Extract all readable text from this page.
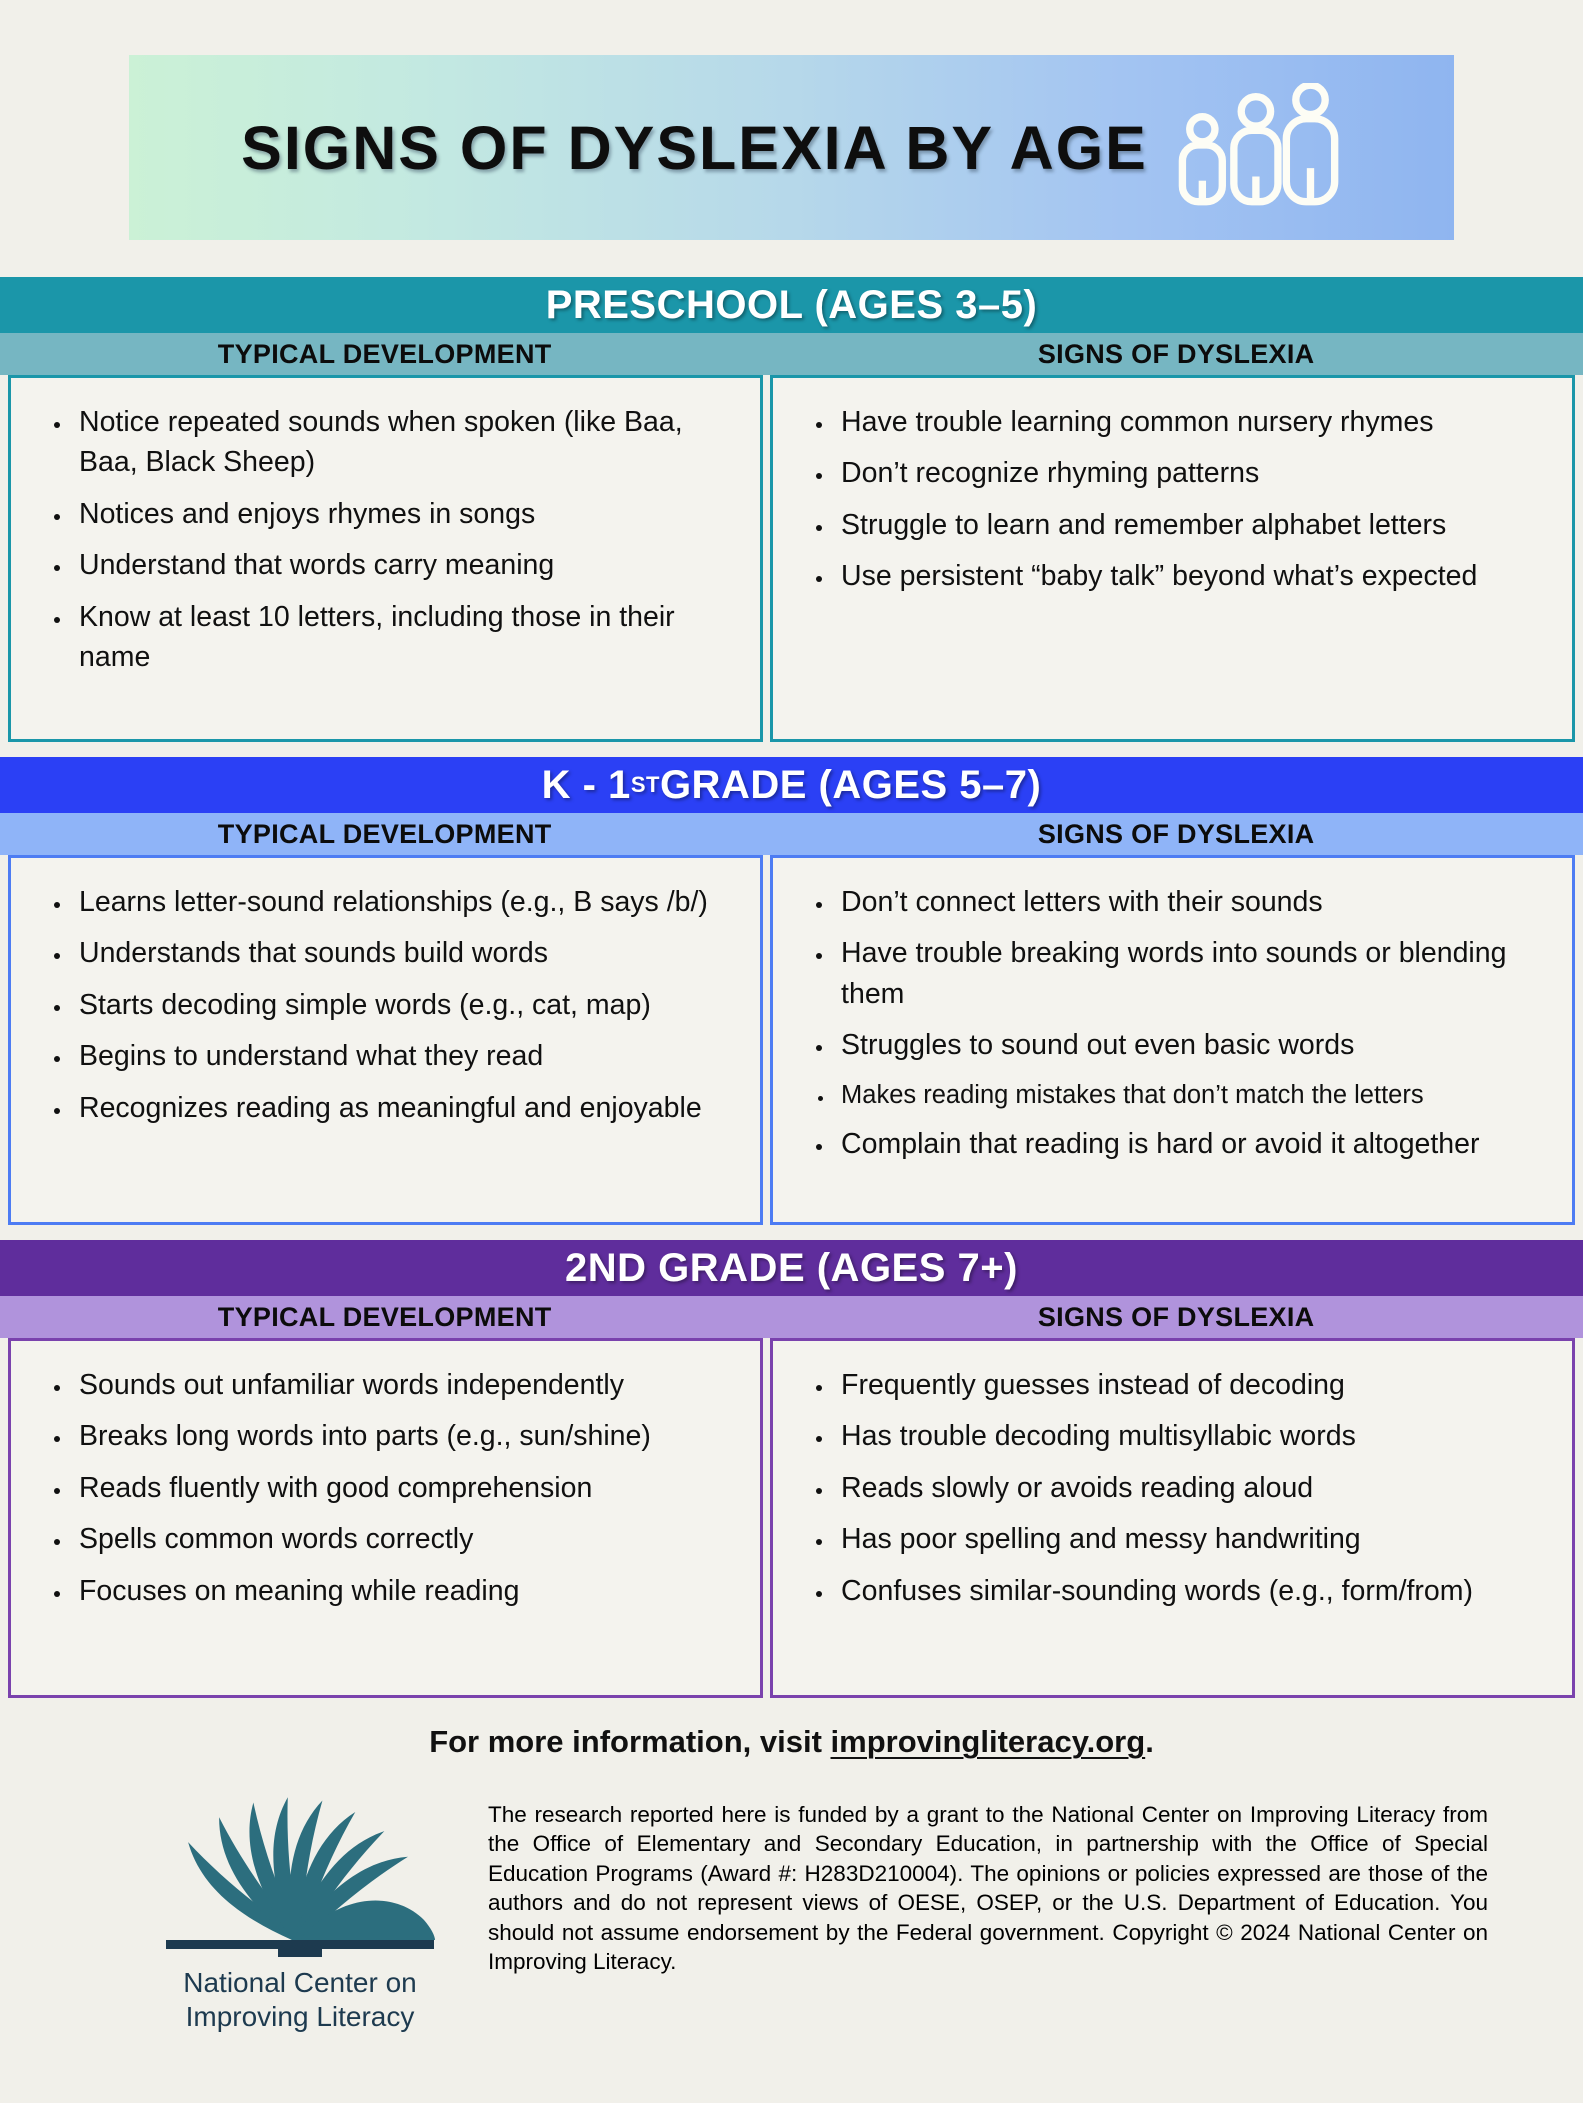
SIGNS OF DYSLEXIA BY AGE
PRESCHOOL (AGES 3–5)
TYPICAL DEVELOPMENT	SIGNS OF DYSLEXIA
• Notice repeated sounds when spoken (like Baa, Baa, Black Sheep)
• Notices and enjoys rhymes in songs
• Understand that words carry meaning
• Know at least 10 letters, including those in their name
• Have trouble learning common nursery rhymes
• Don’t recognize rhyming patterns
• Struggle to learn and remember alphabet letters
• Use persistent “baby talk” beyond what’s expected
K - 1 ST GRADE (AGES 5–7)
TYPICAL DEVELOPMENT	SIGNS OF DYSLEXIA
• Learns letter-sound relationships (e.g., B says /b/)
• Understands that sounds build words
• Starts decoding simple words (e.g., cat, map)
• Begins to understand what they read
• Recognizes reading as meaningful and enjoyable
• Don’t connect letters with their sounds
• Have trouble breaking words into sounds or blending them
• Struggles to sound out even basic words
• Makes reading mistakes that don’t match the letters
• Complain that reading is hard or avoid it altogether
2ND GRADE (AGES 7+)
TYPICAL DEVELOPMENT	SIGNS OF DYSLEXIA
• Sounds out unfamiliar words independently
• Breaks long words into parts (e.g., sun/shine)
• Reads fluently with good comprehension
• Spells common words correctly
• Focuses on meaning while reading
• Frequently guesses instead of decoding
• Has trouble decoding multisyllabic words
• Reads slowly or avoids reading aloud
• Has poor spelling and messy handwriting
• Confuses similar-sounding words (e.g., form/from)

For more information, visit improvingliteracy.org.

National Center on
Improving Literacy

The research reported here is funded by a grant to the National Center on Improving Literacy from the Office of Elementary and Secondary Education, in partnership with the Office of Special Education Programs (Award #: H283D210004). The opinions or policies expressed are those of the authors and do not represent views of OESE, OSEP, or the U.S. Department of Education. You should not assume endorsement by the Federal government. Copyright © 2024 National Center on Improving Literacy.
